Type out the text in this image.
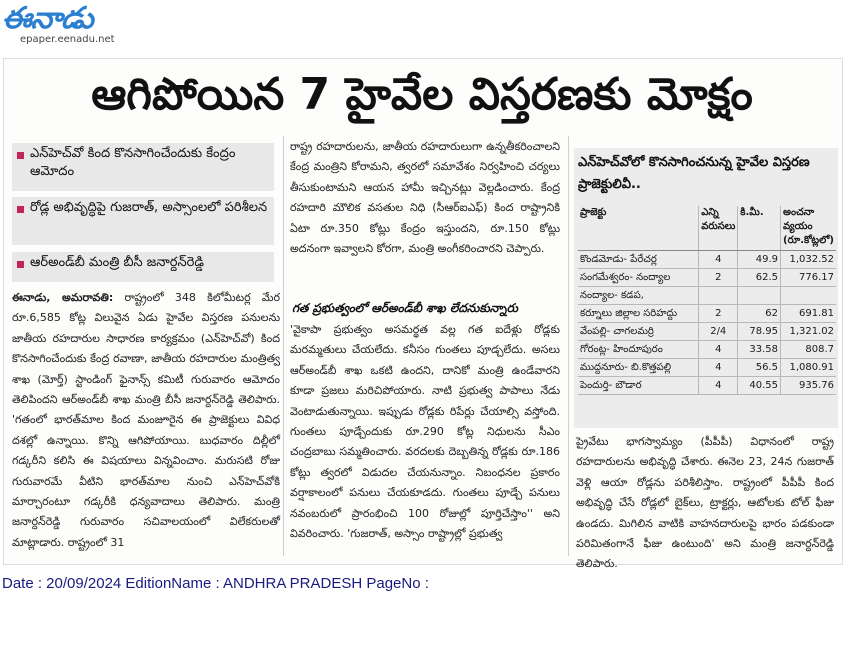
ఈనాడు
epaper.eenadu.net
ఆగిపోయిన 7 హైవేల విస్తరణకు మోక్షం
ఎన్‌హెచ్‌వో కింద కొనసాగించేందుకు కేంద్రం ఆమోదం
రోడ్ల అభివృద్ధిపై గుజరాత్, అస్సాంలలో పరిశీలన
ఆర్‌అండ్‌బీ మంత్రి బీసీ జనార్దన్‌రెడ్డి
ఈనాడు, అమరావతి: రాష్ట్రంలో 348 కిలోమీటర్ల మేర రూ.6,585 కోట్ల విలువైన ఏడు హైవేల విస్తరణ పనులను జాతీయ రహదారుల సాధారణ కార్యక్రమం (ఎన్‌హెచ్‌వో) కింద కొనసాగించేందుకు కేంద్ర రవాణా, జాతీయ రహదారుల మంత్రిత్వ శాఖ (మోర్త్) స్టాండింగ్ ఫైనాన్స్ కమిటీ గురువారం ఆమోదం తెలిపిందని ఆర్‌అండ్‌బీ శాఖ మంత్రి బీసీ జనార్దన్‌రెడ్డి తెలిపారు. 'గతంలో భారత్‌మాల కింద మంజూరైన ఈ ప్రాజెక్టులు వివిధ దశల్లో ఉన్నాయి. కొన్ని ఆగిపోయాయి. బుధవారం దిల్లీలో గడ్కరీని కలిసి ఈ విషయాలు విన్నవించాం. మరుసటి రోజు గురువారమే వీటిని భారత్‌మాల నుంచి ఎన్‌హెచ్‌వోకి మార్చారంటూ గడ్కరీకి ధన్యవాదాలు తెలిపారు. మంత్రి జనార్దన్‌రెడ్డి గురువారం సచివాలయంలో విలేకరులతో మాట్లాడారు. రాష్ట్రంలో 31
రాష్ట్ర రహదారులను, జాతీయ రహదారులుగా ఉన్నతీకరించాలని కేంద్ర మంత్రిని కోరామని, త్వరలో సమావేశం నిర్వహించి చర్యలు తీసుకుంటామని ఆయన హామీ ఇచ్చినట్లు వెల్లడించారు. కేంద్ర రహదారి మౌలిక వసతుల నిధి (సీఆర్ఐఎఫ్) కింద రాష్ట్రానికి ఏటా రూ.350 కోట్లు కేంద్రం ఇస్తుందని, రూ.150 కోట్లు అదనంగా ఇవ్వాలని కోరగా, మంత్రి అంగీకరించారని చెప్పారు.
గత ప్రభుత్వంలో ఆర్‌అండ్‌బీ శాఖ లేదనుకున్నారు
'వైకాపా ప్రభుత్వం అసమర్థత వల్ల గత ఐదేళ్లు రోడ్లకు మరమ్మతులు చేయలేదు. కనీసం గుంతలు పూడ్చలేదు. అసలు ఆర్‌అండ్‌బీ శాఖ ఒకటి ఉందని, దానికో మంత్రి ఉండేవారని కూడా ప్రజలు మరిచిపోయారు. నాటి ప్రభుత్వ పాపాలు నేడు వెంటాడుతున్నాయి. ఇప్పుడు రోడ్లకు రిపేర్లు చేయాల్సి వస్తోంది. గుంతలు పూడ్చేందుకు రూ.290 కోట్ల నిధులను సీఎం చంద్రబాబు సమ్మతించారు. వరదలకు దెబ్బతిన్న రోడ్లకు రూ.186 కోట్లు త్వరలో విడుదల చేయనున్నాం. నిబంధనల ప్రకారం వర్షాకాలంలో పనులు చేయకూడదు. గుంతలు పూడ్చే పనులు నవంబరులో ప్రారంభించి 100 రోజుల్లో పూర్తిచేస్తాం'' అని వివరించారు. 'గుజరాత్, అస్సాం రాష్ట్రాల్లో ప్రభుత్వ
ఎన్‌హెచ్‌వోలో కొనసాగించనున్న హైవేల విస్తరణ ప్రాజెక్టులివీ..
ప్రాజెక్టు	ఎన్ని వరుసలు	కి.మీ.	అంచనా వ్యయం (రూ.కోట్లలో)
కొండమోడు- పేరేచర్ల	4	49.9	1,032.52
సంగమేశ్వరం- నంద్యాల	2	62.5	776.17
నంద్యాల- కడప,			
కర్నూలు జిల్లాల సరిహద్దు	2	62	691.81
వేంపల్లి- చాగలమర్రి	2/4	78.95	1,321.02
గోరంట్ల- హిందూపురం	4	33.58	808.7
ముద్దనూరు- బి.కొత్తపల్లి	4	56.5	1,080.91
పెందుర్తి- బౌడార	4	40.55	935.76
ప్రైవేటు భాగస్వామ్యం (పీపీపీ) విధానంలో రాష్ట్ర రహదారులను అభివృద్ధి చేశారు. ఈనెల 23, 24న గుజరాత్ వెళ్లి ఆయా రోడ్లను పరిశీలిస్తాం. రాష్ట్రంలో పీపీపీ కింద అభివృద్ధి చేసే రోడ్లలో బైక్‌లు, ట్రాక్టర్లు, ఆటోలకు టోల్ ఫీజు ఉండదు. మిగిలిన వాటికి వాహనదారులపై భారం పడకుండా పరిమితంగానే ఫీజు ఉంటుంది' అని మంత్రి జనార్దన్‌రెడ్డి తెలిపారు.
Date : 20/09/2024 EditionName : ANDHRA PRADESH PageNo :
